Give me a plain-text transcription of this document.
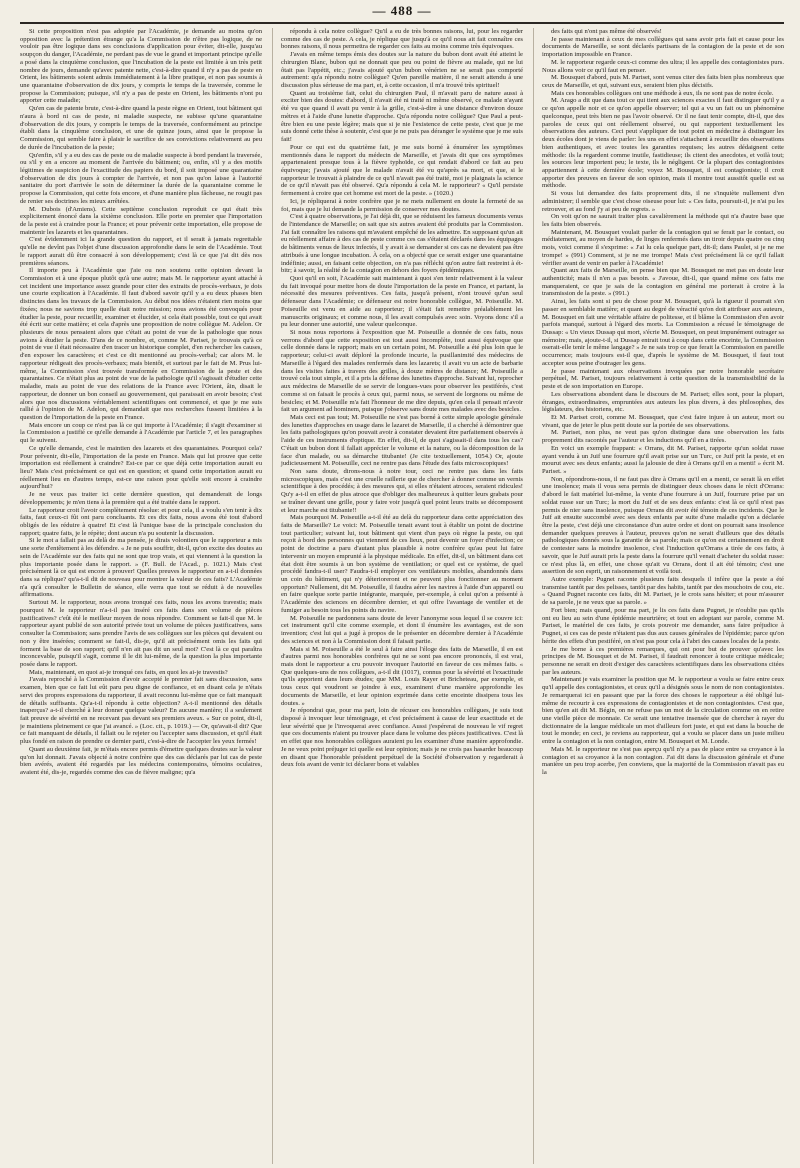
— 488 —

Si cette proposition n'est pas adoptée par l'Académie, je demande au moins qu'on opposition avec la prétention étrange qu'a la Commission de n'être pas logique, de ne vouloir pas être logique dans ses conclusions d'application pour éviter, dit-elle, jusqu'au soupçon du danger, l'Académie, ne perdant pas de vue le grand et important principe qu'elle a posé dans la cinquième conclusion, que l'incubation de la peste est limitée à un très petit nombre de jours, demande qu'avec patente nette, c'est-à-dire quand il n'y a pas de peste en Orient, les bâtiments soient admis immédiatement à la libre pratique, et non pas soumis à une quarantaine d'observation de dix jours, y compris le temps de la traversée, comme le propose la Commission; puisque, s'il n'y a pas de peste en Orient, les bâtiments n'ont pu apporter cette maladie;

Qu'en cas de patente brute, c'est-à-dire quand la peste règne en Orient, tout bâtiment qui n'aura à bord ni cas de peste, ni maladie suspecte, ne subisse qu'une quarantaine d'observation de dix jours, y compris le temps de la traversée, conformément au principe établi dans la cinquième conclusion, et une de quinze jours, ainsi que le propose la Commission, qui semble faire à plaisir le sacrifice de ses convictions relativement au peu de durée de l'incubation de la peste;

Qu'enfin, s'il y a eu des cas de peste ou de maladie suspecte à bord pendant la traversée, ou s'il y en a encore au moment de l'arrivée du bâtiment; ou, enfin, s'il y a des motifs légitimes de suspicion de l'exactitude des papiers du bord, il soit imposé une quarantaine d'observation de dix jours à compter de l'arrivée, et non pas qu'on laisse à l'autorité sanitaire du port d'arrivée le soin de déterminer la durée de la quarantaine comme le propose la Commission, qui cette fois encore, et d'une manière plus fâcheuse, ne rougit pas de renier ses doctrines les mieux arrêtées.

M. Dubois (d'Amiens). Cette septième conclusion reproduit ce qui était très explicitement énoncé dans la sixième conclusion. Elle porte en premier que l'importation de la peste est à craindre pour la France; et pour prévenir cette importation, elle propose de maintenir les lazarets et les quarantaines.

C'est évidemment ici la grande question du rapport, et il serait à jamais regrettable qu'elle ne devînt pas l'objet d'une discussion approfondie dans le sein de l'Académie. Tout le rapport aurait dû être consacré à son développement; c'est là ce que j'ai dit dès nos premières séances.

Il importe peu à l'Académie que j'aie ou non soutenu cette opinion devant la Commission et à une époque plutôt qu'à une autre; mais M. le rapporteur ayant attaché à cet incident une importance assez grande pour citer des extraits de procès-verbaux, je dois une courte explication à l'Académie. Il faut d'abord savoir qu'il y a eu deux phases bien distinctes dans les travaux de la Commission. Au début nos idées n'étaient rien moins que fixées; nous ne savions trop quelle était notre mission; nous avions été convoqués pour étudier la peste, pour recueillir, examiner et élucider, si cela était possible, tout ce qui avait été écrit sur cette matière; et cela d'après une proposition de notre collègue M. Adelon. Or plusieurs de nous pensaient alors que c'était au point de vue de la pathologie que nous avions à étudier la peste. D'ans de ce nombre, et, comme M. Pariset, je trouvais qu'à ce point de vue il était nécessaire d'en tracer un historique complet, d'en rechercher les causes, d'en exposer les caractères; et c'est ce dit mentionné au procès-verbal; car alors M. le rapporteur rédigeait des procès-verbaux; mais bientôt, et surtout par le fait de M. Prus lui-même, la Commission s'est trouvée transformée en Commission de la peste et des quarantaines. Ce n'était plus au point de vue de la pathologie qu'il s'agissait d'étudier cette maladie, mais au point de vue des relations de la France avec l'Orient, âin, disait le rapporteur, de donner un bon conseil au gouvernement, qui paraissait en avoir besoin; c'est alors que nos discussions véritablement scientifiques ont commencé, et que je me suis rallié à l'opinion de M. Adelon, qui demandait que nos recherches fussent limitées à la question de l'importation de la peste en France.

Mais encore un coup ce n'est pas là ce qui importe à l'Académie; il s'agit d'examiner si la Commission a justifié ce qu'elle demande à l'Académie par l'article 7, et les paragraphes qui le suivent.

Ce qu'elle demande, c'est le maintien des lazarets et des quarantaines. Pourquoi cela? Pour prévenir, dit-elle, l'importation de la peste en France. Mais qui lui prouve que cette importation est réellement à craindre? Est-ce par ce que déjà cette importation aurait eu lieu? Mais c'est précisément ce qui est en question; et quand cette importation aurait eu réellement lieu en d'autres temps, est-ce une raison pour qu'elle soit encore à craindre aujourd'hui?

Je ne veux pas traiter ici cette dernière question, qui demanderait de longs développements; je m'en tiens à la première qui a été traitée dans le rapport.

Le rapporteur croit l'avoir complètement résolue: et pour cela, il a voulu s'en tenir à dix faits, faut ceux-ci fût ont paru concluants. Et ces dix faits, nous avons été tout d'abord obligés de les réduire à quatre! Et c'est là l'unique base de la principale conclusion du rapport; quatre faits, je le répète; dont aucun n'a pu soutenir la discussion.

Si le mot a fallait pas au delà de ma pensée, je dirais volontiers que le rapporteur a mis une sorte d'entêtement à les défendre. « Je ne puis souffrir, dit-il, qu'on excite des doutes au sein de l'Académie sur des faits qui ne sont que trop vrais, et qui viennent à la question la plus importante posée dans le rapport. » (F. Bull. de l'Acad., p. 1021.) Mais c'est précisément là ce qui est encore à prouver! Quelles preuves le rapporteur en a-t-il données dans sa réplique? qu'a-t-il dit de nouveau pour montrer la valeur de ces faits? L'Académie n'a qu'à consulter le Bulletin de séance, elle verra que tout se réduit à de nouvelles affirmations.

Surtout M. le rapporteur, nous avons tronqué ces faits, nous les avons travestis; mais pourquoi M. le rapporteur n'a-t-il pas inséré ces faits dans son volume de pièces justificatives? c'eût été le meilleur moyen de nous répondre. Comment se fait-il que M. le rapporteur ayant publié de son autorité privée tout un volume de pièces justificatives, sans consulter la Commission; sans prendre l'avis de ses collègues sur les pièces qui devaient ou non y être insérées; comment se fait-il, dis-je, qu'il ait précisément omis les faits qui forment la base de son rapport; qu'il n'en ait pas dit un seul mot? C'est là ce qui paraîtra inconcevable, puisqu'il s'agit, comme il le dit lui-même, de la question la plus importante posée dans le rapport.

Mais, maintenant, en quoi ai-je tronqué ces faits, en quoi les ai-je travestis?

J'avais reproché à la Commission d'avoir accepté le premier fait sans discussion, sans examen, bien que ce fait lui eût paru peu digne de confiance, et en disant cela je n'étais servi des propres expressions du rapporteur, il avait reconnu lui-même que ce fait manquait de détails suffisants. Qu'a-t-il répondu à cette objection? A-t-il mentionné des détails inaperçus? a-t-il cherché à leur donner quelque valeur? En aucune manière; il a seulement fait preuve de sévérité en ne recevant pas devant ses premiers aveux. « Sur ce point, dit-il, je maintiens pleinement ce que j'ai avancé. » (Loc. cit., p. 1019.) — Or, qu'avait-il dit? Que ce fait manquant de détails, il fallait ou le rejeter ou l'accepter sans discussion, et qu'il était plus fondé en raison de prendre ce dernier parti, c'est-à-dire de l'accepter les yeux fermés!

Quant au deuxième fait, je m'étais encore permis d'émettre quelques doutes sur la valeur qu'on lui donnait. J'avais objecté à notre confrère que des cas déclarés par lui cas de peste bien avérés, avaient été regardés par les médecins contemporains, témoins oculaires, avaient été, dis-je, regardés comme des cas de fièvre maligne; qu'a

répondu à cela notre collègue? Qu'il a eu de très bonnes raisons, lui, pour les regarder comme des cas de peste. A cela, je réplique que jusqu'à ce qu'il nous ait fait connaître ces bonnes raisons, il nous permettra de regarder ces faits au moins comme très équivoques.

J'avais en même temps émis des doutes sur la nature du bubon dont avait été atteint le chirurgien Blanc, bubon qui ne donnait que peu ou point de fièvre au malade, qui ne lui ôtait pas l'appétit, etc.; j'avais ajouté qu'un bubon vénérien ne se serait pas comporté autrement: qu'a répondu notre collègue? Qu'en pareille matière, il ne serait attendu à une discussion plus sérieuse de ma part, et, à cette occasion, il m'a trouvé très spirituel!

Quant au troisième fait, celui du chirurgien Paul, il m'avait paru de nature aussi à exciter bien des doutes: d'abord, il n'avait été ni traité ni même observé, ce malade n'ayant été vu que quand il avait pu venir à la grille, c'est-à-dire à une distance d'environ douze mètres et à l'aide d'une lunette d'approche. Qu'a répondu notre collègue? Que Paul a peut-être bien eu une peste légère; mais que si je nie l'existence de cette peste, c'est que je me suis donné cette thèse à soutenir, c'est que je ne puis pas déranger le système que je me suis fait!

Pour ce qui est du quatrième fait, je me suis borné à énumérer les symptômes mentionnés dans le rapport du médecin de Marseille, et j'avais dit que ces symptômes appartenaient presque tous à la fièvre typhoïde, ce qui rendait d'abord ce fait au peu équivoque; j'avais ajouté que le malade n'avait été vu qu'après sa mort, et que, si le rapporteur le trouvait à plaindre de ce qu'il n'avait pas été traité, moi je plaignais la science de ce qu'il n'avait pas été observé. Qu'a répondu à cela M. le rapporteur? « Qu'il persiste fermement à croire que cet homme est mort de la peste. » (1020.)

Ici, je répliquerai à notre confrère que je ne mets nullement en doute la fermeté de sa foi, mais que je lui demande la permission de conserver mes doutes.

C'est à quatre observations, je l'ai déjà dit, que se réduisent les fameux documents venus de l'intendance de Marseille; on sait que six autres avaient été produits par la Commission. J'ai fait connaître les raisons qui m'avaient empêché de les admettre. En supposant qu'un ait eu réellement affaire à des cas de peste comme ces cas s'étaient déclarés dans les équipages de bâtiments venus de lieux infectés, il y avait à se demander si ces cas ne devaient pas être attribués à une longue incubation. À cela, on a objecté que ce serait exiger une quarantaine indéfinie; aussi, en faisant cette objection, on n'a pas réfléchi qu'on autre fait restreint à ét-bitr; à savoir, la réalité de la contagion en dehors des foyers épidémiques.

Quoi qu'il en soit, l'Académie sait maintenant à quoi s'en tenir relativement à la valeur du fait invoqué pour mettre hors de doute l'importation de la peste en France, et partant, la nécessité des mesures préventives. Ces faits, jusqu'à présent, n'ont trouvé qu'un seul défenseur dans l'Académie; ce défenseur est notre honorable collègue, M. Poiseuille. M. Poiseuille est venu en aide au rapporteur; il s'était fait remettre préalablement les manuscrits originaux; et comme nous, il les avait compulsés avec soin. Voyons donc s'il a pu leur donner une autorité, une valeur quelconque.

Si nous nous reportons à l'exposition que M. Poiseuille a donnée de ces faits, nous verrons d'abord que cette exposition est tout aussi incomplète, tout aussi équivoque que celle donnée dans le rapport; mais en un certain point, M. Poiseuille a été plus loin que le rapporteur; celui-ci avait déploré la profonde incurie, la pusillanimité des médecins de Marseille à l'égard des malades renfermés dans les lazarets; il avait vu un acte de barbarie dans les visites faites à travers des grilles, à douze mètres de distance; M. Poiseuille a trouvé cela tout simple, et il a pris la défense des lunettes d'approche. Suivant lui, reprocher aux médecins de Marseille de se servir de longues-vues pour observer les pestiférés, c'est comme si on faisait le procès à ceux qui, parmi nous, se servent de lorgnons ou même de besicles; et M. Poiseuille m'a fait l'honneur de me dire depuis, qu'en cela il pensait m'avoir fait un argument ad hominem, puisque j'observe sans doute mes malades avec des besicles.

Mais ceci est pas tout; M. Poiseuille ne s'est pas borné à cette simple apologie générale des lunettes d'approches en usage dans le lazaret de Marseille, il a cherché à démontrer que les faits pathologiques qu'on pouvait avoir à constater devaient être parfaitement observés à l'aide de ces instruments d'optique. En effet, dit-il, de quoi s'agissait-il dans tous les cas? C'était un bubon dont il fallait apprécier le volume et la nature, ou la décomposition de la face d'un malade, ou sa démarche titubante! (Je cite textuellement, 1054.) Or, ajoute judicieusement M. Poiseuille, ceci ne rentre pas dans l'étude des faits microscopiques!

Non sans doute, dirons-nous à notre tour, ceci ne rentre pas dans les faits microscopiques, mais c'est une cruelle raillerie que de chercher à donner comme un vernis scientifique à des procédés; à des mesures qui, si elles n'étaient atroces, seraient ridicules! Qu'y a-t-il en effet de plus atroce que d'obliger des malheureux à quitter leurs grabats pour se traîner devant une grille, pour y faire voir jusqu'à quel point leurs traits se décomposent et leur marche est titubante!!

Mais pourquoi M. Poiseuille a-t-il été au delà du rapporteur dans cette appréciation des faits de Marseille? Le voici: M. Poiseuille tenait avant tout à établir un point de doctrine tout particulier; suivant lui, tout bâtiment qui vient d'un pays où règne la peste, ou qui reçoit à bord des personnes qui viennent de ces lieux, peut devenir un foyer d'infection; ce point de doctrine a paru d'autant plus plausible à notre confrère qu'au peut lui faire intervenir un moyen emprunté à la physique médicale. En effet, dit-il, un bâtiment dans cet état doit être soumis à un bon système de ventilation; or quel est ce système, de quel procédé fandra-t-il user? Faudra-t-il employer ces ventilateurs mobiles, abandonnés dans un coin du bâtiment, qui n'y déterioreront et ne peuvent plus fonctionner au moment opportun? Nullement, dit M. Poiseuille, il faudra aérer les navires à l'aide d'un appareil ou en faire quelque sorte partie intégrante, marquée, per-exemple, à celui qu'on a présenté à l'Académie des sciences en décembre dernier, et qui offre l'avantage de ventiler et de fumiger au besoin tous les points du navire.

M. Poiseuille ne pardonnera sans doute de lever l'anonyme sous lequel il se couvre ici: cet instrument qu'il cite comme exemple, et dont il énumère les avantages, est de son invention; c'est lui qui a jugé à propos de le présenter en décembre dernier à l'Académie des sciences et non à la Commission dont il faisait partie.

Mais si M. Poiseuille a été le seul à faire ainsi l'éloge des faits de Marseille, il en est d'autres parmi nos honorables confrères qui ne se sont pas encore prononcés, il est vrai, mais dont le rapporteur a cru pouvoir invoquer l'autorité en faveur de ces mêmes faits. « Que quelques-uns de nos collègues, a-t-il dit (1017), connus pour la sévérité et l'exactitude qu'ils apportent dans leurs études; que MM. Louis Rayer et Bricheteau, par exemple, et tous ceux qui voudront se joindre à eux, examinent d'une manière approfondie les documents de Marseille, et leur opinion exprimée dans cette enceinte dissipera tous les doutes. »

Je répondrai que, pour ma part, loin de récuser ces honorables collègues, je suis tout disposé à invoquer leur témoignage, et c'est précisément à cause de leur exactitude et de leur sévérité que je l'invoquerai avec confiance. Aussi j'espérerai de nouveau le vif regret que ces documents n'aient pu trouver place dans le volume des pièces justificatives. C'est là en effet que nos honorables collègues auraient pu les examiner d'une manière approfondie. Je ne veux point préjuger ici quelle est leur opinion; mais je ne crois pas hasarder beaucoup en disant que l'honorable président perpétuel de la Société d'observation y regarderait à deux fois avant de venir ici déclarer bons et valables

des faits qui n'ont pas même été observés!

Je passe maintenant à ceux de mes collègues qui sans avoir pris fait et cause pour les documents de Marseille, se sont déclarés partisans de la contagion de la peste et de son importation impossible en France.

M. le rapporteur regarde ceux-ci comme des ultra; il les appelle des contagionistes purs. Nous allons voir ce qu'il faut en penser.

M. Bousquet d'abord, puis M. Pariset, sont venus citer des faits bien plus nombreux que ceux de Marseille, et qui, suivant eux, seraient bien plus décisifs.

Mais ces honorables collègues ont une méthode à eux, ils ne sont pas de notre école.

M. Arago a dit que dans tout ce qui tient aux sciences exactes il faut distinguer qu'il y a ce qu'on appelle noir et ce qu'on appelle observer; tel qui a vu un fait ou un phénomène quelconque, peut très bien ne pas l'avoir observé. Or il ne faut tenir compte, dit-il, que des paroles de ceux qui ont réellement observé, ou qui rapportent textuellement les observations des auteurs. Ceci peut s'appliquer de tout point en médecine à distinguer les deux écoles dont je viens de parler: les uns en effet s'attachent à recueillir des observations bien authentiques, et avec toutes les garanties requises; les autres dédaignent cette méthode: ils la regardent comme inutile, fastidieuse; ils citent des anecdotes, et voilà tout; les sources leur importent peu; le texte, ils le négligent. Or la plupart des contagionistes appartiennent à cette dernière école; voyez M. Bousquet, il est contagioniste; il croit apporter des preuves en faveur de son opinion, mais il montre tout aussitôt quelle est sa méthode.

Si vous lui demandez des faits proprement dits, il ne s'inquiète nullement d'en administrer; il semble que c'est chose oiseuse pour lui: « Ces faits, poursuit-il, je n'ai pu les retrouver, et au fond j'y ai peu de regrets. »

On voit qu'on ne saurait traiter plus cavalièrement la méthode qui n'a d'autre base que les faits bien observés.

Maintenant, M. Bousquet voulait parler de la contagion qui se ferait par le contact, ou médiatement, au moyen de hardes, de linges renfermés dans un tiroir depuis quatre ou cinq mois, voici comme il s'exprime: « J'ai lu cela quelque part, dit-il; dans Paulet, si je ne me trompe! » (991) Comment, si je ne me trompe! Mais c'est précisément là ce qu'il fallait vérifier avant de venir en parler à l'Académie!

Quant aux faits de Marseille, on pense bien que M. Bousquet ne met pas en doute leur authenticité; mais il n'en a pas besoin. « J'avoue, dit-il, que quand même ces faits me manqueraient, ce que je sais de la contagion en général me porterait à croire à la transmission de la peste. » (991.)

Ainsi, les faits sont si peu de chose pour M. Bousquet, qu'à la rigueur il pourrait s'en passer en semblable matière; et quant au degré de véracité qu'on doit attribuer aux auteurs, M. Bousquet en fait une véritable affaire de politesse, et il blâme la Commission d'en avoir parfois manqué, surtout à l'égard des morts. La Commission a récusé le témoignage de Dussap: « Un vieux Dussap qui mort, s'écrie M. Bousquet, on peut impunément outrager sa mémoire; mais, ajoute-t-il, si Dussap entrait tout à coup dans cette enceinte, la Commission oserait-elle tenir le même langage? » Je ne sais trop ce que ferait la Commission en pareille occurrence; mais toujours est-il que, d'après le système de M. Bousquet, il faut tout accepter sous peine d'outrager les gens.

Je passe maintenant aux observations invoquées par notre honorable secrétaire perpétuel, M. Pariset, toujours relativement à cette question de la transmissibilité de la peste et de son importation en Europe.

Les observations abondent dans le discours de M. Pariset; elles sont, pour la plupart, étranges, extraordinaires, empruntées aux auteurs les plus divers, à des philosophes, des législateurs, des historiens, etc.

Et M. Pariset croit, comme M. Bousquet, que c'est faire injure à un auteur, mort ou vivant, que de jeter le plus petit doute sur la portée de ses observations.

M. Pariset, non plus, ne veut pas qu'on distingue dans une observation les faits proprement dits racontés par l'auteur et les inductions qu'il en a tirées.

En voici un exemple frappant: « Orrans, dit M. Pariset, rapporte qu'un soldat russe ayant vendu à un Juif une fourrure qu'il avait prise sur un Turc, ce Juif prit la peste, et en mourut avec ses deux enfants; aussi la jalousie de dire à Orrans qu'il en a menti! » écrit M. Pariset. »

Non, répondrons-nous, il ne faut pas dire à Orrans qu'il en a menti, ce serait là en effet une insolence; mais il vous sera permis de distinguer deux choses dans le récit d'Orrans: d'abord le fait matériel lui-même, la vente d'une fourrure à un Juif, fourrure prise par un soldat russe sur un Turc; la mort du Juif et de ses deux enfants: c'est là ce qu'il n'est pas permis de nier sans insolence, puisque Orrans dit avoir été témoin de ces incidents. Que le Juif ait ensuite succombé avec ses deux enfants par suite d'une maladie qu'on a déclarée être la peste, c'est déjà une circonstance d'un autre ordre et dont on pourrait sans insolence demander quelques preuves à l'auteur, preuves qu'on ne serait d'ailleurs que des détails pathologiques donnés sous la garantie de sa parole; mais ce qu'on est certainement en droit de contester sans la moindre insolence, c'est l'induction qu'Orrans a tirée de ces faits, à savoir, que le Juif aurait pris la peste dans la fourrure qu'il venait d'acheter du soldat russe: ce n'est plus là, en effet, une chose qu'ait vu Orrans, dont il ait été témoin; c'est une assertion de son esprit, un raisonnement et voilà tout.

Autre exemple: Pugnet raconte plusieurs faits desquels il infère que la peste a été transmise tantôt par des pelisses, tantôt par des habits, tantôt par des mouchoirs de cou, etc. « Quand Pugnet raconte ces faits, dit M. Pariset, je le crois sans hésiter; et pour m'assurer de sa parole, je ne veux que sa parole. »

Fort bien; mais quand, pour ma part, je lis ces faits dans Pugnet, je n'oublie pas qu'ils ont eu lieu au sein d'une épidémie meurtrière; et tout en adoptant sur parole, comme M. Pariset, le matériel de ces faits, je crois pouvoir me demander, sans faire préjudice à Pugnet, si ces cas de peste n'étaient pas dus aux causes générales de l'épidémie; parce qu'on hérite des effets d'un pestiféré, on n'est pas pour cela à l'abri des causes locales de la peste.

Je me borne à ces premières remarques, qui ont pour but de prouver qu'avec les principes de M. Bousquet et de M. Pariset, il faudrait renoncer à toute critique médicale; personne ne serait en droit d'exiger des caractères scientifiques dans les observations citées par les auteurs.

Maintenant je vais examiner la position que M. le rapporteur a voulu se faire entre ceux qu'il appelle des contagionistes, et ceux qu'il a désignés sous le nom de non contagionistes. Je remarquerai ici en passant que par la force des choses le rapporteur a été obligé lui-même de recourir à ces expressions de contagionistes et de non contagionistes. C'est que, bien qu'en ait dit M. Bégin, on ne refuse pas un mot de la circulation comme on en retire une vieille pièce de monnaie. Ce serait une tentative insensée que de chercher à rayer du dictionnaire de la langue médicale un mot d'ailleurs fort juste, et qui est dans la bouche de tout le monde; en ceci, je reviens au rapporteur, qui a voulu se placer dans un juste milieu entre la contagion et la non contagion, entre M. Bousquet et M. Londe.

Mais M. le rapporteur ne s'est pas aperçu qu'il n'y a pas de place entre sa croyance à la contagion et sa croyance à la non contagion. J'ai dit dans la discussion générale et d'une manière un peu trop acerbe, j'en conviens, que la majorité de la Commission n'avait pas eu la
